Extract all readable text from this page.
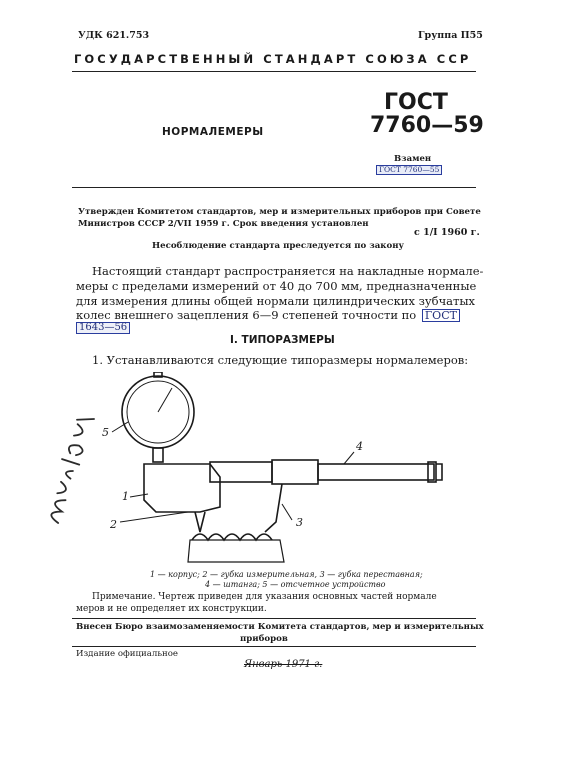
УДК 621.753	Группа П55
ГОСУДАРСТВЕННЫЙ СТАНДАРТ СОЮЗА ССР
НОРМАЛЕМЕРЫ
ГОСТ
7760—59
Взамен
ГОСТ 7760—55
Утвержден Комитетом стандартов, мер и измерительных приборов при Совете
Министров СССР 2/VII 1959 г. Срок введения установлен
с 1/I 1960 г.
Несоблюдение стандарта преследуется по закону
Настоящий стандарт распространяется на накладные нормале-
меры с пределами измерений от 40 до 700 мм, предназначенные
для измерения длины общей нормали цилиндрических зубчатых
колес внешнего зацепления 6—9 степеней точности по ГОСТ
1643—56
I. ТИПОРАЗМЕРЫ
1. Устанавливаются следующие типоразмеры нормалемеров:
1
2	3
4
5
1 — корпус; 2 — губка измерительная, 3 — губка переставная;
4 — штанга; 5 — отсчетное устройство
Примечание. Чертеж приведен для указания основных частей нормале
меров и не определяет их конструкции.
Внесен Бюро взаимозаменяемости Комитета стандартов, мер и измерительных
приборов
Издание официальное
Январь 1971 г.
